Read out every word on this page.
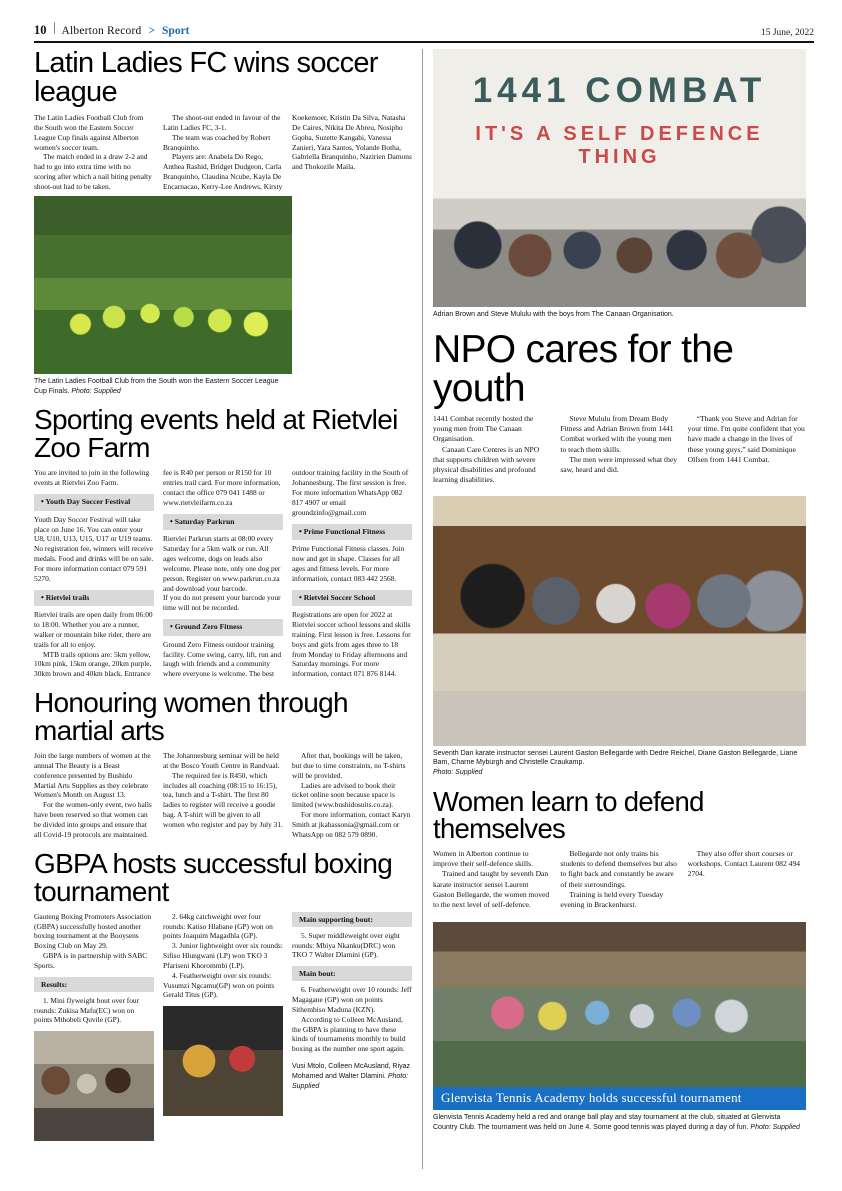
10 Alberton Record > Sport	15 June, 2022
Latin Ladies FC wins soccer league

The Latin Ladies Football Club from the South won the Eastern Soccer League Cup finals against Alberton women's soccer team.

The match ended in a draw 2-2 and had to go into extra time with no scoring after which a nail biting penalty shoot-out had to be taken.

The shoot-out ended in favour of the Latin Ladies FC, 3-1.

The team was coached by Robert Branquinho.

Players are: Anabela Do Rego, Anthea Rashid, Bridget Dudgeon, Carla Branquinho, Claudina Ncube, Kayla De Encarnacao, Kerry-Lee Andrews, Kirsty Koekemoer, Kristin Da Silva, Natasha De Caires, Nikita De Abreu, Nosipho Gqoba, Suzette Kangabi, Vanessa Zanieri, Yara Santos, Yolande Botha, Gabriella Branquinho, Nazirien Damons and Thokozile Maila.

The Latin Ladies Football Club from the South won the Eastern Soccer League Cup Finals. Photo: Supplied
Sporting events held at Rietvlei Zoo Farm

You are invited to join in the following events at Rietvlei Zoo Farm.

• Youth Day Soccer Festival

Youth Day Soccer Festival will take place on June 16. You can enter your U8, U10, U13, U15, U17 or U19 teams. No registration fee, winners will receive medals. Food and drinks will be on sale. For more information contact 079 591 5270.

• Rietvlei trails

Rietvlei trails are open daily from 06:00 to 18:00. Whether you are a runner, walker or mountain bike rider, there are trails for all to enjoy.

MTB trails options are: 5km yellow, 10km pink, 15km orange, 20km purple, 30km brown and 40km black. Entrance fee is R40 per person or R150 for 10 entries trail card. For more information, contact the office 079 041 1488 or www.rietvleifarm.co.za

• Saturday Parkrun

Rietvlei Parkrun starts at 08:00 every Saturday for a 5km walk or run. All ages welcome, dogs on leads also welcome. Please note, only one dog per person. Register on www.parkrun.co.za and download your barcode.

If you do not present your barcode your time will not be recorded.

• Ground Zero Fitness

Ground Zero Fitness outdoor training facility. Come swing, carry, lift, run and laugh with friends and a community where everyone is welcome. The best outdoor training facility in the South of Johannesburg. The first session is free. For more information WhatsApp 082 817 4907 or email groundzinfo@gmail.com

• Prime Functional Fitness

Prime Functional Fitness classes. Join now and get in shape. Classes for all ages and fitness levels. For more information, contact 083 442 2568.

• Rietvlei Soccer School

Registrations are open for 2022 at Rietvlei soccer school lessons and skills training. First lesson is free. Lessons for boys and girls from ages three to 18 from Monday to Friday afternoons and Saturday mornings. For more information, contact 071 876 8144.

Honouring women through martial arts

Join the large numbers of women at the annual The Beauty is a Beast conference presented by Bushido Martial Arts Supplies as they celebrate Women's Month on August 13.

For the women-only event, two halls have been reserved so that women can be divided into groups and ensure that all Covid-19 protocols are maintained. The Johannesburg seminar will be held at the Bosco Youth Centre in Randvaal.

The required fee is R450, which includes all coaching (08:15 to 16:15), tea, lunch and a T-shirt. The first 80 ladies to register will receive a goodie bag. A T-shirt will be given to all women who register and pay by July 31.

After that, bookings will be taken, but due to time constraints, no T-shirts will be provided.

Ladies are advised to book their ticket online soon because space is limited (www.bushidosuits.co.za).

For more information, contact Karyn Smith at jkabassonia@gmail.com or WhatsApp on 082 579 0890.

GBPA hosts successful boxing tournament

Gauteng Boxing Promoters Association (GBPA) successfully hosted another boxing tournament at the Booysens Boxing Club on May 29.

GBPA is in partnership with SABC Sports.

Results:

1. Mini flyweight bout over four rounds: Zukisa Mafu(EC) won on points Mthobeli Quvile (GP).

2. 64kg catchweight over four rounds: Katiso Hlabane (GP) won on points Joaquim Magadhla (GP).

3. Junior lightweight over six rounds: Sifiso Hlungwani (LP) won TKO 3 Pfariseni Khorommbi (LP).

4. Featherweight over six rounds: Vusumzi Ngcamu(GP) won on points Gerald Titus (GP).

Main supporting bout:

5. Super middleweight over eight rounds: Mbiya Nkanku(DRC) won TKO 7 Walter Dlamini (GP).

Main bout:

6. Featherweight over 10 rounds: Jeff Magagane (GP) won on points Sithembiso Maduna (KZN).

According to Colleen McAusland, the GBPA is planning to have these kinds of tournaments monthly to build boxing as the number one sport again.

Vusi Mtolo, Colleen McAusland, Riyaz Mohamed and Walter Dlamini. Photo: Supplied
1441 COMBAT
IT'S A SELF DEFENCE THING
Adrian Brown and Steve Mululu with the boys from The Canaan Organisation.
NPO cares for the youth

1441 Combat recently hosted the young men from The Canaan Organisation.

Canaan Care Centres is an NPO that supports children with severe physical disabilities and profound learning disabilities.

Steve Mululu from Dream Body Fitness and Adrian Brown from 1441 Combat worked with the young men to teach them skills.

The men were impressed what they saw, heard and did.

“Thank you Steve and Adrian for your time. I'm quite confident that you have made a change in the lives of these young guys,” said Dominique Olfsen from 1441 Combat.

Seventh Dan karate instructor sensei Laurent Gaston Bellegarde with Dedre Reichel, Diane Gaston Bellegarde, Liane Bam, Charne Myburgh and Christelle Craukamp.
Photo: Supplied
Women learn to defend themselves

Women in Alberton continue to improve their self-defence skills.

Trained and taught by seventh Dan karate instructor sensei Laurent Gaston Bellegarde, the women moved to the next level of self-defence.

Bellegarde not only trains his students to defend themselves but also to fight back and constantly be aware of their surroundings.

Training is held every Tuesday evening in Brackenhurst.

They also offer short courses or workshops. Contact Laurent 082 494 2704.

Glenvista Tennis Academy holds successful tournament
Glenvista Tennis Academy held a red and orange ball play and stay tournament at the club, situated at Glenvista Country Club. The tournament was held on June 4. Some good tennis was played during a day of fun. Photo: Supplied
